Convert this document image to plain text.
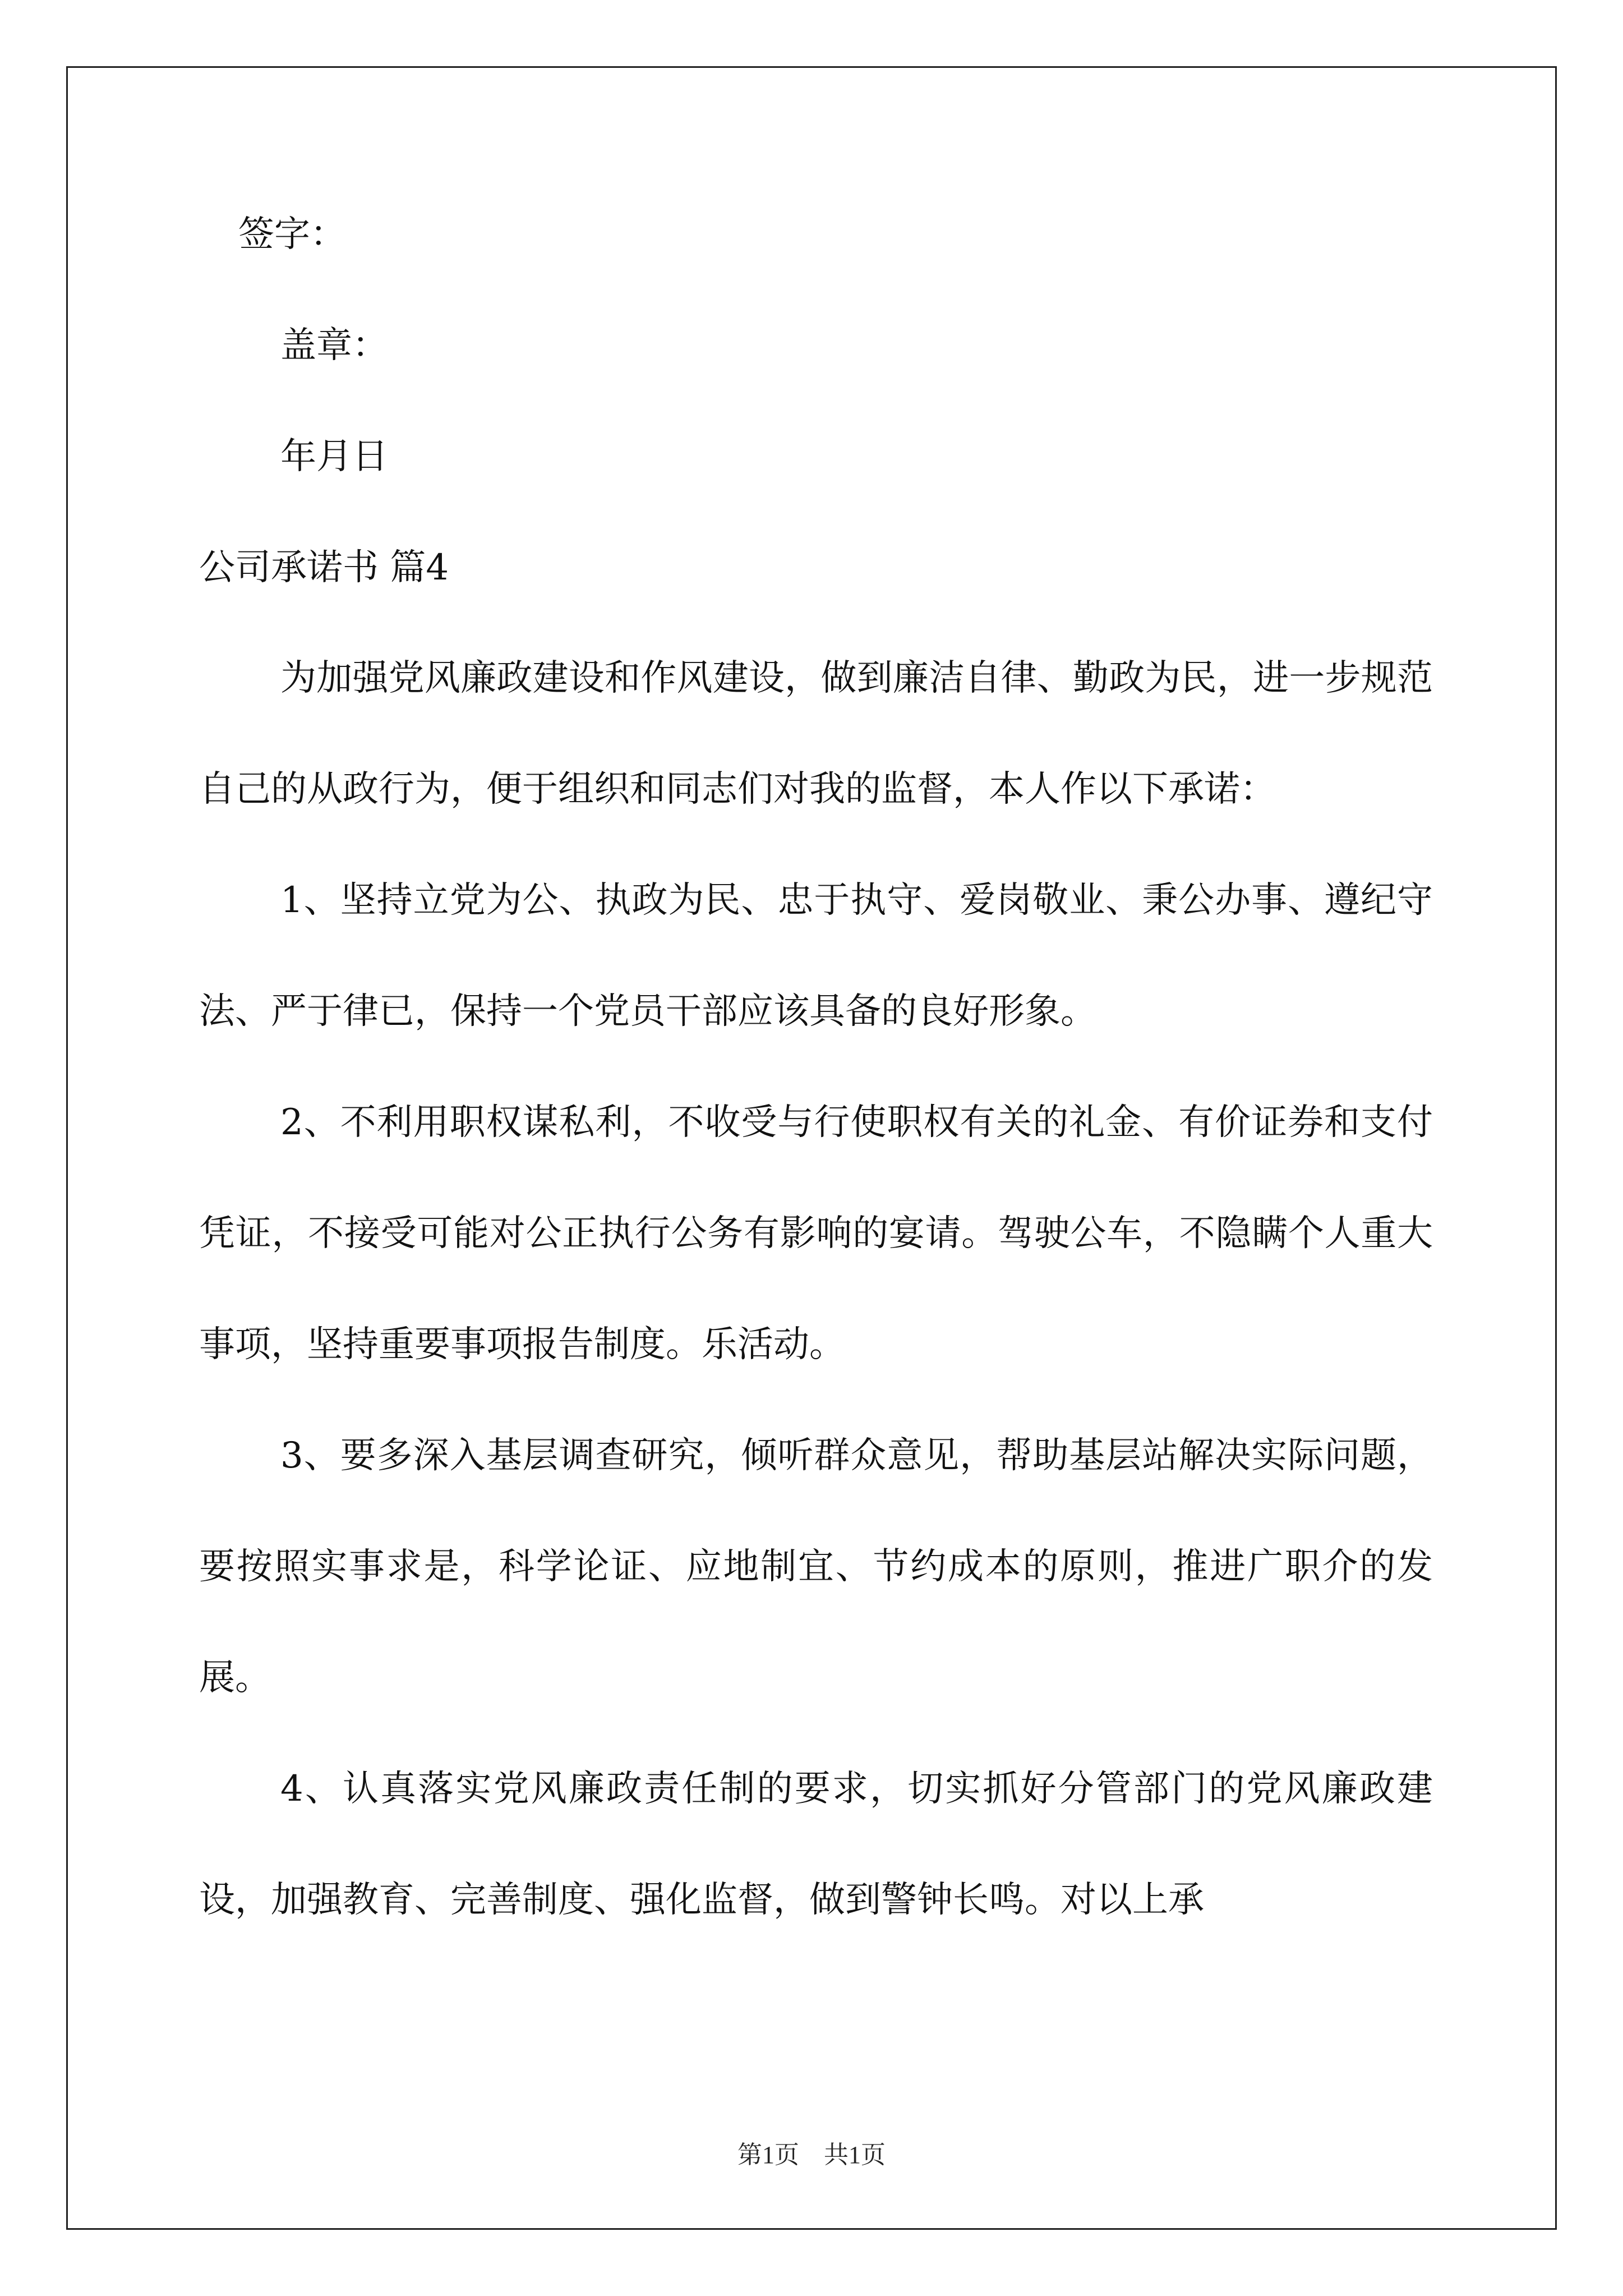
签字：

盖章：

年月日

公司承诺书 篇4

为加强党风廉政建设和作风建设，做到廉洁自律、勤政为民，进一步规范自己的从政行为，便于组织和同志们对我的监督，本人作以下承诺：

1、坚持立党为公、执政为民、忠于执守、爱岗敬业、秉公办事、遵纪守法、严于律已，保持一个党员干部应该具备的良好形象。

2、不利用职权谋私利，不收受与行使职权有关的礼金、有价证券和支付凭证，不接受可能对公正执行公务有影响的宴请。驾驶公车，不隐瞒个人重大事项，坚持重要事项报告制度。乐活动。

3、要多深入基层调查研究，倾听群众意见，帮助基层站解决实际问题，要按照实事求是，科学论证、应地制宜、节约成本的原则，推进广职介的发展。

4、认真落实党风廉政责任制的要求，切实抓好分管部门的党风廉政建设，加强教育、完善制度、强化监督，做到警钟长鸣。对以上承

第1页　共1页
